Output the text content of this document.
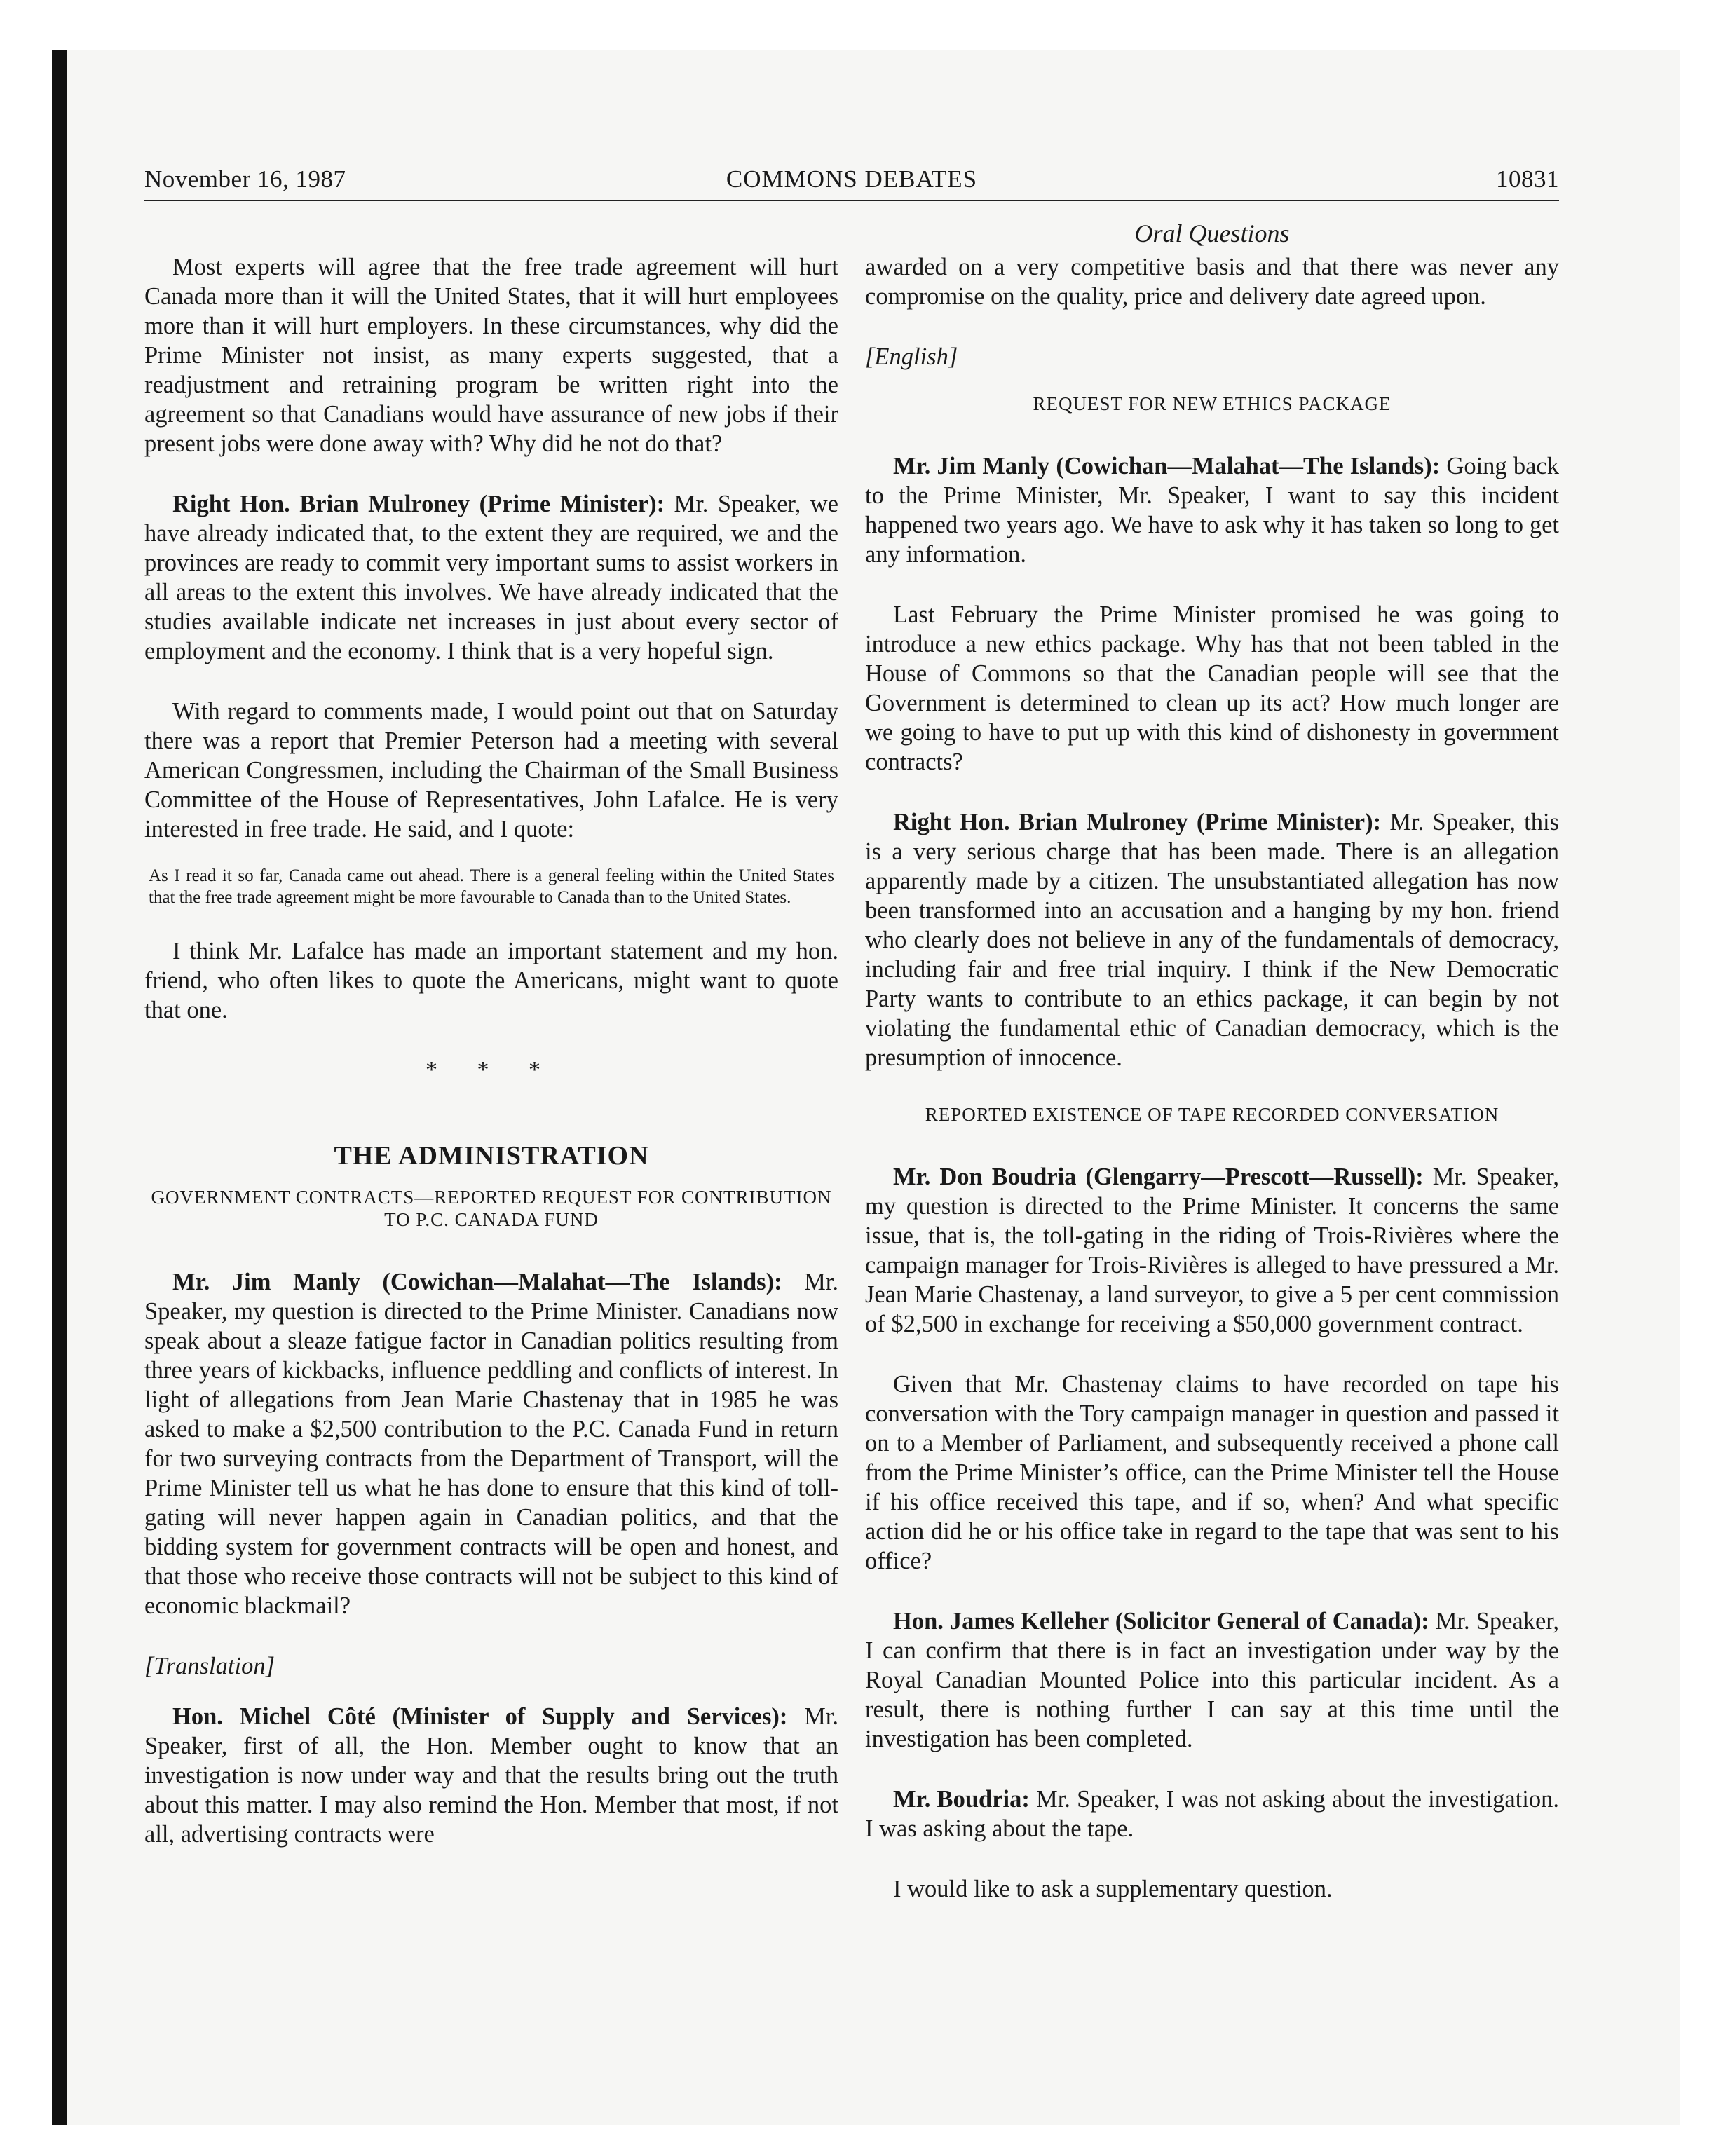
November 16, 1987	COMMONS DEBATES	10831
Oral Questions

Most experts will agree that the free trade agreement will hurt Canada more than it will the United States, that it will hurt employees more than it will hurt employers. In these circumstances, why did the Prime Minister not insist, as many experts suggested, that a readjustment and retraining program be written right into the agreement so that Canadians would have assurance of new jobs if their present jobs were done away with? Why did he not do that?

Right Hon. Brian Mulroney (Prime Minister): Mr. Speaker, we have already indicated that, to the extent they are required, we and the provinces are ready to commit very important sums to assist workers in all areas to the extent this involves. We have already indicated that the studies available indicate net increases in just about every sector of employment and the economy. I think that is a very hopeful sign.

With regard to comments made, I would point out that on Saturday there was a report that Premier Peterson had a meeting with several American Congressmen, including the Chairman of the Small Business Committee of the House of Representatives, John Lafalce. He is very interested in free trade. He said, and I quote:

As I read it so far, Canada came out ahead. There is a general feeling within the United States that the free trade agreement might be more favourable to Canada than to the United States.

I think Mr. Lafalce has made an important statement and my hon. friend, who often likes to quote the Americans, might want to quote that one.

* * *

THE ADMINISTRATION

GOVERNMENT CONTRACTS—REPORTED REQUEST FOR CONTRIBUTION TO P.C. CANADA FUND

Mr. Jim Manly (Cowichan—Malahat—The Islands): Mr. Speaker, my question is directed to the Prime Minister. Canadians now speak about a sleaze fatigue factor in Canadian politics resulting from three years of kickbacks, influence peddling and conflicts of interest. In light of allegations from Jean Marie Chastenay that in 1985 he was asked to make a $2,500 contribution to the P.C. Canada Fund in return for two surveying contracts from the Department of Transport, will the Prime Minister tell us what he has done to ensure that this kind of toll-gating will never happen again in Canadian politics, and that the bidding system for government contracts will be open and honest, and that those who receive those contracts will not be subject to this kind of economic blackmail?

[Translation]

Hon. Michel Côté (Minister of Supply and Services): Mr. Speaker, first of all, the Hon. Member ought to know that an investigation is now under way and that the results bring out the truth about this matter. I may also remind the Hon. Member that most, if not all, advertising contracts were

awarded on a very competitive basis and that there was never any compromise on the quality, price and delivery date agreed upon.

[English]

REQUEST FOR NEW ETHICS PACKAGE

Mr. Jim Manly (Cowichan—Malahat—The Islands): Going back to the Prime Minister, Mr. Speaker, I want to say this incident happened two years ago. We have to ask why it has taken so long to get any information.

Last February the Prime Minister promised he was going to introduce a new ethics package. Why has that not been tabled in the House of Commons so that the Canadian people will see that the Government is determined to clean up its act? How much longer are we going to have to put up with this kind of dishonesty in government contracts?

Right Hon. Brian Mulroney (Prime Minister): Mr. Speaker, this is a very serious charge that has been made. There is an allegation apparently made by a citizen. The unsubstantiated allegation has now been transformed into an accusation and a hanging by my hon. friend who clearly does not believe in any of the fundamentals of democracy, including fair and free trial inquiry. I think if the New Democratic Party wants to contribute to an ethics package, it can begin by not violating the fundamental ethic of Canadian democracy, which is the presumption of innocence.

REPORTED EXISTENCE OF TAPE RECORDED CONVERSATION

Mr. Don Boudria (Glengarry—Prescott—Russell): Mr. Speaker, my question is directed to the Prime Minister. It concerns the same issue, that is, the toll-gating in the riding of Trois-Rivières where the campaign manager for Trois-Rivières is alleged to have pressured a Mr. Jean Marie Chastenay, a land surveyor, to give a 5 per cent commission of $2,500 in exchange for receiving a $50,000 government contract.

Given that Mr. Chastenay claims to have recorded on tape his conversation with the Tory campaign manager in question and passed it on to a Member of Parliament, and subsequently received a phone call from the Prime Minister’s office, can the Prime Minister tell the House if his office received this tape, and if so, when? And what specific action did he or his office take in regard to the tape that was sent to his office?

Hon. James Kelleher (Solicitor General of Canada): Mr. Speaker, I can confirm that there is in fact an investigation under way by the Royal Canadian Mounted Police into this particular incident. As a result, there is nothing further I can say at this time until the investigation has been completed.

Mr. Boudria: Mr. Speaker, I was not asking about the investigation. I was asking about the tape.

I would like to ask a supplementary question.
